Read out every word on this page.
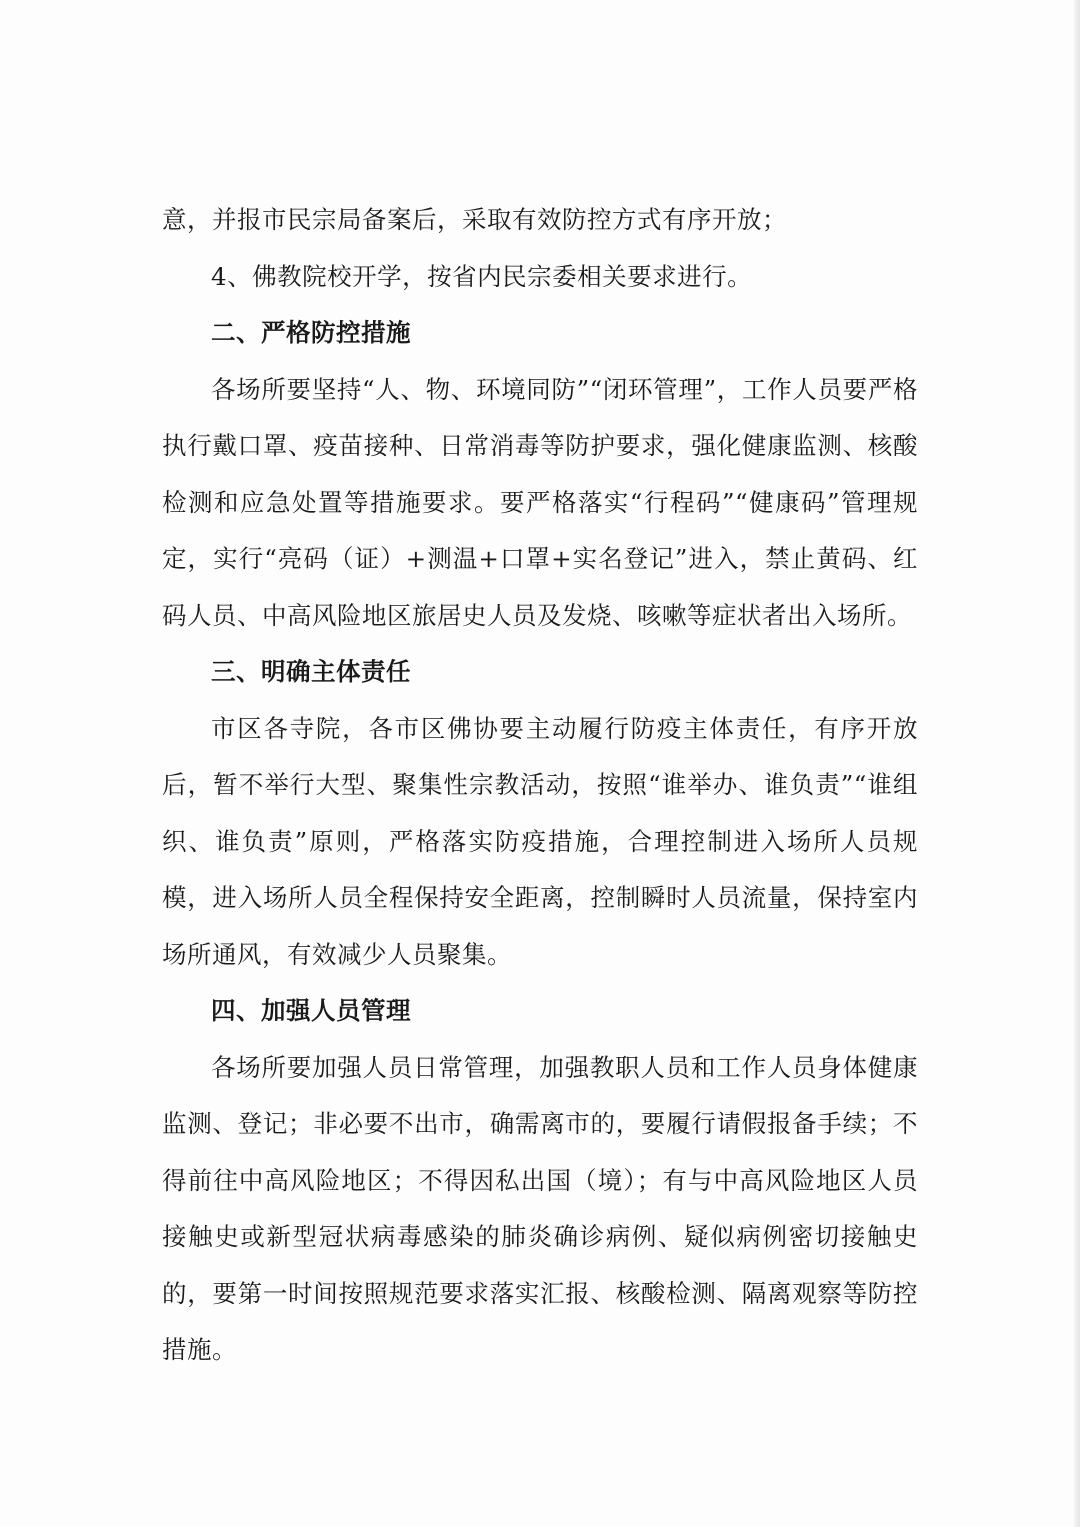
意，并报市民宗局备案后，采取有效防控方式有序开放；

4、佛教院校开学，按省内民宗委相关要求进行。

二、严格防控措施

各场所要坚持“人、物、环境同防”“闭环管理”，工作人员要严格执行戴口罩、疫苗接种、日常消毒等防护要求，强化健康监测、核酸检测和应急处置等措施要求。要严格落实“行程码”“健康码”管理规定，实行“亮码（证）+测温+口罩+实名登记”进入，禁止黄码、红码人员、中高风险地区旅居史人员及发烧、咳嗽等症状者出入场所。

三、明确主体责任

市区各寺院，各市区佛协要主动履行防疫主体责任，有序开放后，暂不举行大型、聚集性宗教活动，按照“谁举办、谁负责”“谁组织、谁负责”原则，严格落实防疫措施，合理控制进入场所人员规模，进入场所人员全程保持安全距离，控制瞬时人员流量，保持室内场所通风，有效减少人员聚集。

四、加强人员管理

各场所要加强人员日常管理，加强教职人员和工作人员身体健康监测、登记；非必要不出市，确需离市的，要履行请假报备手续；不得前往中高风险地区；不得因私出国（境）；有与中高风险地区人员接触史或新型冠状病毒感染的肺炎确诊病例、疑似病例密切接触史的，要第一时间按照规范要求落实汇报、核酸检测、隔离观察等防控措施。
